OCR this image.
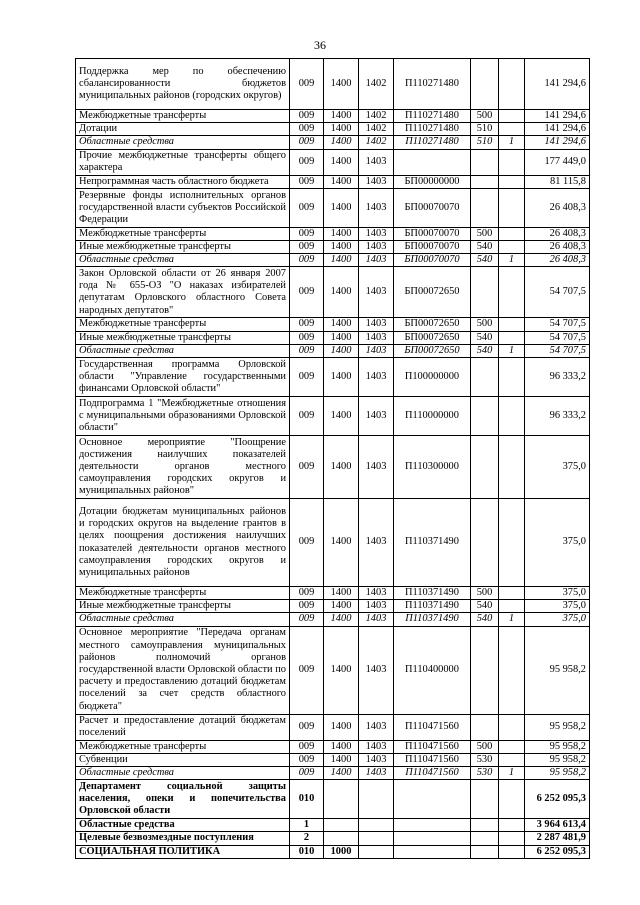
36
Поддержка мер по обеспечению сбалансированности бюджетов муниципальных районов (городских округов)	009	1400	1402	П110271480			141 294,6
Межбюджетные трансферты	009	1400	1402	П110271480	500		141 294,6
Дотации	009	1400	1402	П110271480	510		141 294,6
Областные средства	009	1400	1402	П110271480	510	1	141 294,6
Прочие межбюджетные трансферты общего характера	009	1400	1403				177 449,0
Непрограммная часть областного бюджета	009	1400	1403	БП00000000			81 115,8
Резервные фонды исполнительных органов государственной власти субъектов Российской Федерации	009	1400	1403	БП00070070			26 408,3
Межбюджетные трансферты	009	1400	1403	БП00070070	500		26 408,3
Иные межбюджетные трансферты	009	1400	1403	БП00070070	540		26 408,3
Областные средства	009	1400	1403	БП00070070	540	1	26 408,3
Закон Орловской области от 26 января 2007 года № 655-ОЗ "О наказах избирателей депутатам Орловского областного Совета народных депутатов"	009	1400	1403	БП00072650			54 707,5
Межбюджетные трансферты	009	1400	1403	БП00072650	500		54 707,5
Иные межбюджетные трансферты	009	1400	1403	БП00072650	540		54 707,5
Областные средства	009	1400	1403	БП00072650	540	1	54 707,5
Государственная программа Орловской области "Управление государственными финансами Орловской области"	009	1400	1403	П100000000			96 333,2
Подпрограмма 1 "Межбюджетные отношения с муниципальными образованиями Орловской области"	009	1400	1403	П110000000			96 333,2
Основное мероприятие "Поощрение достижения наилучших показателей деятельности органов местного самоуправления городских округов и муниципальных районов"	009	1400	1403	П110300000			375,0
Дотации бюджетам муниципальных районов и городских округов на выделение грантов в целях поощрения достижения наилучших показателей деятельности органов местного самоуправления городских округов и муниципальных районов	009	1400	1403	П110371490			375,0
Межбюджетные трансферты	009	1400	1403	П110371490	500		375,0
Иные межбюджетные трансферты	009	1400	1403	П110371490	540		375,0
Областные средства	009	1400	1403	П110371490	540	1	375,0
Основное мероприятие "Передача органам местного самоуправления муниципальных районов полномочий органов государственной власти Орловской области по расчету и предоставлению дотаций бюджетам поселений за счет средств областного бюджета"	009	1400	1403	П110400000			95 958,2
Расчет и предоставление дотаций бюджетам поселений	009	1400	1403	П110471560			95 958,2
Межбюджетные трансферты	009	1400	1403	П110471560	500		95 958,2
Субвенции	009	1400	1403	П110471560	530		95 958,2
Областные средства	009	1400	1403	П110471560	530	1	95 958,2
Департамент социальной защиты населения, опеки и попечительства Орловской области	010						6 252 095,3
Областные средства	1						3 964 613,4
Целевые безвозмездные поступления	2						2 287 481,9
СОЦИАЛЬНАЯ ПОЛИТИКА	010	1000					6 252 095,3
